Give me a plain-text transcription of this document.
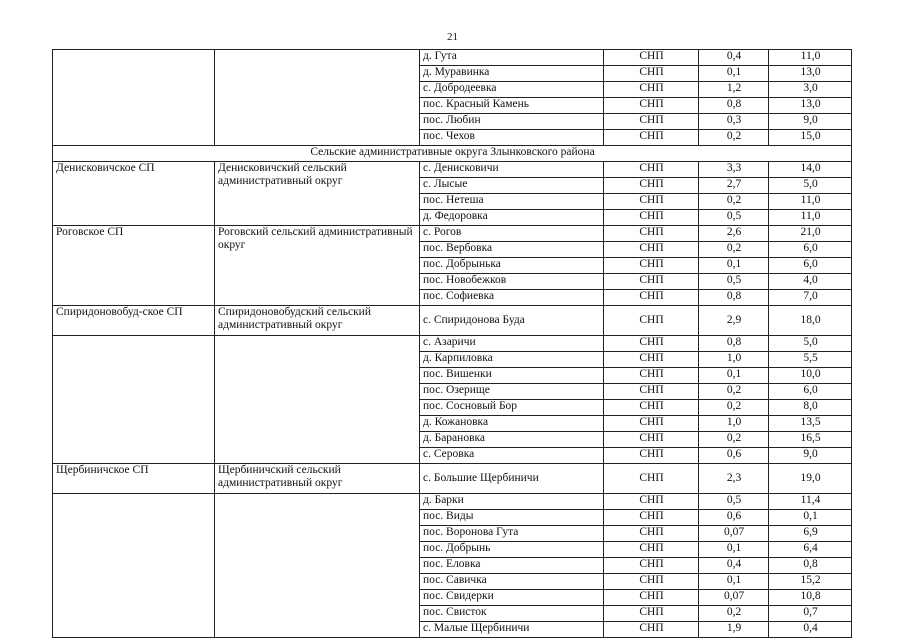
21
		д. Гута	СНП	0,4	11,0
		д. Муравинка	СНП	0,1	13,0
		с. Добродеевка	СНП	1,2	3,0
		пос. Красный Камень	СНП	0,8	13,0
		пос. Любин	СНП	0,3	9,0
		пос. Чехов	СНП	0,2	15,0
Сельские административные округа Злынковского района					
Денисковичское СП	Денисковичский сельский административный округ	с. Денисковичи	СНП	3,3	14,0
		с. Лысые	СНП	2,7	5,0
		пос. Нетеша	СНП	0,2	11,0
		д. Федоровка	СНП	0,5	11,0
Роговское СП	Роговский сельский административный округ	с. Рогов	СНП	2,6	21,0
		пос. Вербовка	СНП	0,2	6,0
		пос. Добрынька	СНП	0,1	6,0
		пос. Новобежков	СНП	0,5	4,0
		пос. Софиевка	СНП	0,8	7,0
Спиридоновобуд-ское СП	Спиридоновобудский сельский административный округ	с. Спиридонова Буда	СНП	2,9	18,0
		с. Азаричи	СНП	0,8	5,0
		д. Карпиловка	СНП	1,0	5,5
		пос. Вишенки	СНП	0,1	10,0
		пос. Озерище	СНП	0,2	6,0
		пос. Сосновый Бор	СНП	0,2	8,0
		д. Кожановка	СНП	1,0	13,5
		д. Барановка	СНП	0,2	16,5
		с. Серовка	СНП	0,6	9,0
Щербиничское СП	Щербиничский сельский административный округ	с. Большие Щербиничи	СНП	2,3	19,0
		д. Барки	СНП	0,5	11,4
		пос. Виды	СНП	0,6	0,1
		пос. Воронова Гута	СНП	0,07	6,9
		пос. Добрынь	СНП	0,1	6,4
		пос. Еловка	СНП	0,4	0,8
		пос. Савичка	СНП	0,1	15,2
		пос. Свидерки	СНП	0,07	10,8
		пос. Свисток	СНП	0,2	0,7
		с. Малые Щербиничи	СНП	1,9	0,4
